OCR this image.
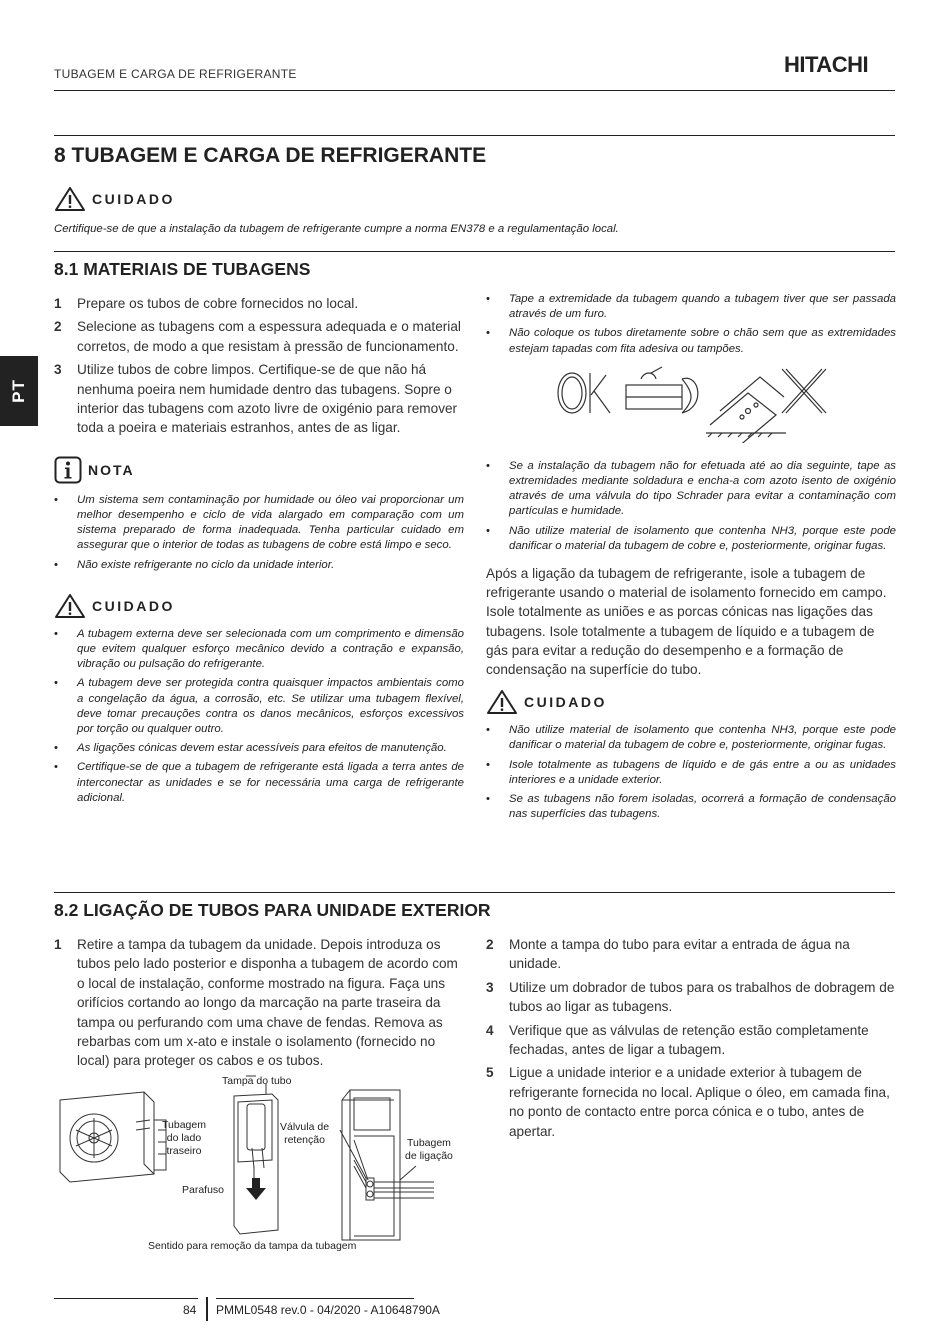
TUBAGEM E CARGA DE REFRIGERANTE	HITACHI
PT
8 TUBAGEM E CARGA DE REFRIGERANTE
CUIDADO
Certifique-se de que a instalação da tubagem de refrigerante cumpre a norma EN378 e a regulamentação local.
8.1 MATERIAIS DE TUBAGENS
1	Prepare os tubos de cobre fornecidos no local.
2	Selecione as tubagens com a espessura adequada e o material corretos, de modo a que resistam à pressão de funcionamento.
3	Utilize tubos de cobre limpos. Certifique-se de que não há nenhuma poeira nem humidade dentro das tubagens. Sopre o interior das tubagens com azoto livre de oxigénio para remover toda a poeira e materiais estranhos, antes de as ligar.
NOTA
•	Um sistema sem contaminação por humidade ou óleo vai proporcionar um melhor desempenho e ciclo de vida alargado em comparação com um sistema preparado de forma inadequada. Tenha particular cuidado em assegurar que o interior de todas as tubagens de cobre está limpo e seco.
•	Não existe refrigerante no ciclo da unidade interior.
CUIDADO
•	A tubagem externa deve ser selecionada com um comprimento e dimensão que evitem qualquer esforço mecânico devido a contração e expansão, vibração ou pulsação do refrigerante.
•	A tubagem deve ser protegida contra quaisquer impactos ambientais como a congelação da água, a corrosão, etc. Se utilizar uma tubagem flexível, deve tomar precauções contra os danos mecânicos, esforços excessivos por torção ou qualquer outro.
•	As ligações cónicas devem estar acessíveis para efeitos de manutenção.
•	Certifique-se de que a tubagem de refrigerante está ligada a terra antes de interconectar as unidades e se for necessária uma carga de refrigerante adicional.
•	Tape a extremidade da tubagem quando a tubagem tiver que ser passada através de um furo.
•	Não coloque os tubos diretamente sobre o chão sem que as extremidades estejam tapadas com fita adesiva ou tampões.
•	Se a instalação da tubagem não for efetuada até ao dia seguinte, tape as extremidades mediante soldadura e encha-a com azoto isento de oxigénio através de uma válvula do tipo Schrader para evitar a contaminação com partículas e humidade.
•	Não utilize material de isolamento que contenha NH3, porque este pode danificar o material da tubagem de cobre e, posteriormente, originar fugas.
Após a ligação da tubagem de refrigerante, isole a tubagem de refrigerante usando o material de isolamento fornecido em campo. Isole totalmente as uniões e as porcas cónicas nas ligações das tubagens. Isole totalmente a tubagem de líquido e a tubagem de gás para evitar a redução do desempenho e a formação de condensação na superfície do tubo.
CUIDADO
•	Não utilize material de isolamento que contenha NH3, porque este pode danificar o material da tubagem de cobre e, posteriormente, originar fugas.
•	Isole totalmente as tubagens de líquido e de gás entre a ou as unidades interiores e a unidade exterior.
•	Se as tubagens não forem isoladas, ocorrerá a formação de condensação nas superfícies das tubagens.
8.2 LIGAÇÃO DE TUBOS PARA UNIDADE EXTERIOR
1	Retire a tampa da tubagem da unidade. Depois introduza os tubos pelo lado posterior e disponha a tubagem de acordo com o local de instalação, conforme mostrado na figura. Faça uns orifícios cortando ao longo da marcação na parte traseira da tampa ou perfurando com uma chave de fendas. Remova as rebarbas com um x-ato e instale o isolamento (fornecido no local) para proteger os cabos e os tubos.
2	Monte a tampa do tubo para evitar a entrada de água na unidade.
3	Utilize um dobrador de tubos para os trabalhos de dobragem de tubos ao ligar as tubagens.
4	Verifique que as válvulas de retenção estão completamente fechadas, antes de ligar a tubagem.
5	Ligue a unidade interior e a unidade exterior à tubagem de refrigerante fornecida no local. Aplique o óleo, em camada fina, no ponto de contacto entre porca cónica e o tubo, antes de apertar.
Tampa do tubo
Tubagem
do lado
traseiro
Válvula de
retenção	Tubagem
de ligação
Parafuso
Sentido para remoção da tampa da tubagem
84 PMML0548 rev.0 - 04/2020 - A10648790A
